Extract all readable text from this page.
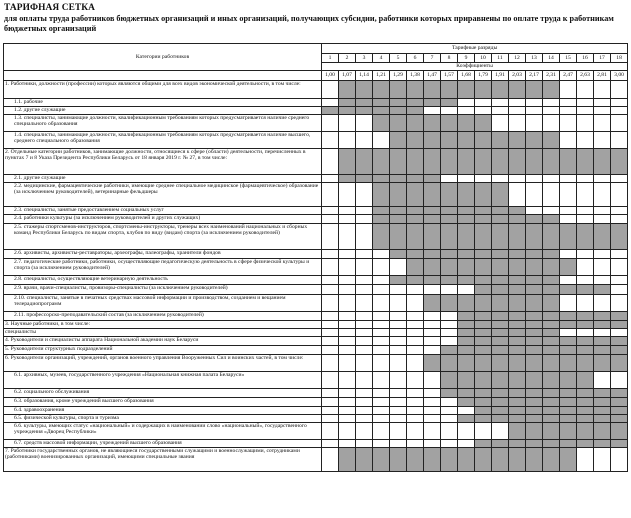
ТАРИФНАЯ СЕТКА
для оплаты труда работников бюджетных организаций и иных организаций, получающих субсидии, работники которых приравнены по оплате труда к работникам бюджетных организаций
Категории работников	Тарифные разряды																	
	1	2	3	4	5	6	7	8	9	10	11	12	13	14	15	16	17	18
	Коэффициенты																	
	1,00	1,07	1,14	1,21	1,29	1,38	1,47	1,57	1,68	1,79	1,91	2,03	2,17	2,31	2,47	2,63	2,81	3,00
1. Работники, должности (профессии) которых являются общими для всех видов экономической деятельности, в том числе:																		
1.1. рабочие																		
1.2. другие служащие																		
1.3. специалисты, занимающие должности, квалификационным требованиям которых предусматривается наличие среднего специального образования																		
1.4. специалисты, занимающие должности, квалификационным требованиям которых предусматривается наличие высшего, среднего специального образования																		
2. Отдельные категории работников, занимающие должности, относящиеся к сфере (области) деятельности, перечисленных в пунктах 7 и 8 Указа Президента Республики Беларусь от 18 января 2019 г. № 27, в том числе:																		
2.1. другие служащие																		
2.2. медицинские, фармацевтические работники, имеющие среднее специальное медицинское (фармацевтическое) образование (за исключением руководителей), ветеринарные фельдшеры																		
2.3. специалисты, занятые предоставлением социальных услуг																		
2.4. работники культуры (за исключением руководителей и других служащих)																		
2.5. стажеры спортсменов-инструкторов, спортсмены-инструкторы, тренеры всех наименований национальных и сборных команд Республики Беларусь по видам спорта, клубов по виду (видам) спорта (за исключением руководителей)																		
2.6. архивисты, архивисты-реставраторы, археографы, палеографы, хранители фондов																		
2.7. педагогические работники, работники, осуществляющие педагогическую деятельность в сфере физической культуры и спорта (за исключением руководителей)																		
2.8. специалисты, осуществляющие ветеринарную деятельность																		
2.9. врачи, врачи-специалисты, провизоры-специалисты (за исключением руководителей)																		
2.10. специалисты, занятые в печатных средствах массовой информации и производством, созданием и вещанием телерадиопрограмм																		
2.11. профессорско-преподавательский состав (за исключением руководителей)																		
3. Научные работники, в том числе:																		
специалисты																		
4. Руководители и специалисты аппарата Национальной академии наук Беларуси																		
5. Руководители структурных подразделений																		
6. Руководители организаций, учреждений, органов военного управления Вооруженных Сил и воинских частей, в том числе:																		
6.1. архивных, музеев, государственного учреждения «Национальная книжная палата Беларуси»																		
6.2. социального обслуживания																		
6.3. образования, кроме учреждений высшего образования																		
6.4. здравоохранения																		
6.5. физической культуры, спорта и туризма																		
6.6. культуры, имеющих статус «национальный» и содержащих в наименовании слово «национальный», государственного учреждения «Дворец Республики»																		
6.7. средств массовой информации, учреждений высшего образования																		
7. Работники государственных органов, не являющиеся государственными служащими и военнослужащими, сотрудниками (работниками) военизированных организаций, имеющими специальные звания																		
